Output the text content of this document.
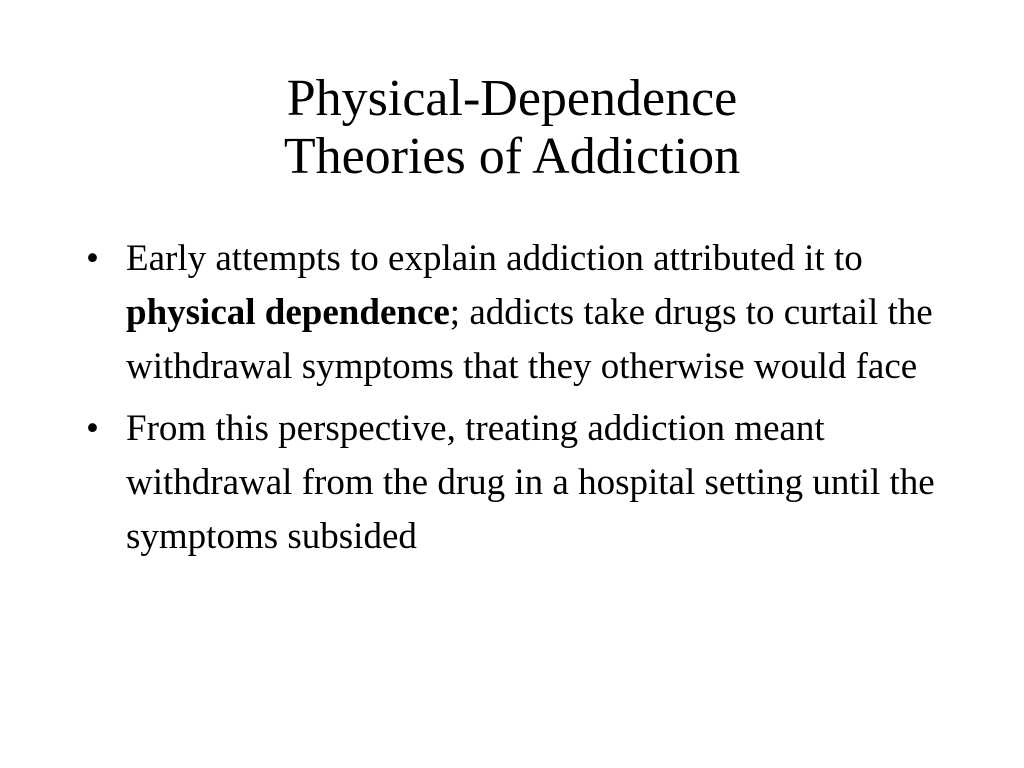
Physical-Dependence
Theories of Addiction
• Early attempts to explain addiction attributed it to physical dependence; addicts take drugs to curtail the withdrawal symptoms that they otherwise would face
• From this perspective, treating addiction meant withdrawal from the drug in a hospital setting until the symptoms subsided
